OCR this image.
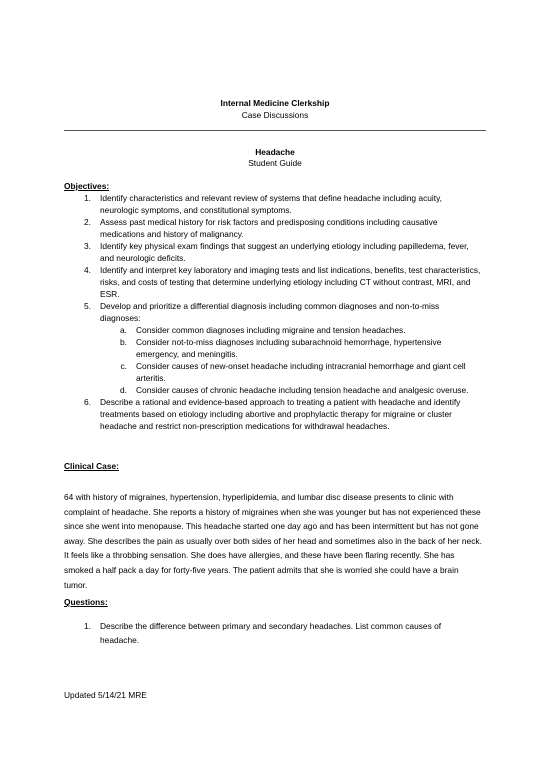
Internal Medicine Clerkship
Case Discussions
Headache
Student Guide
Objectives:
1. Identify characteristics and relevant review of systems that define headache including acuity, neurologic symptoms, and constitutional symptoms.
2. Assess past medical history for risk factors and predisposing conditions including causative medications and history of malignancy.
3. Identify key physical exam findings that suggest an underlying etiology including papilledema, fever, and neurologic deficits.
4. Identify and interpret key laboratory and imaging tests and list indications, benefits, test characteristics, risks, and costs of testing that determine underlying etiology including CT without contrast, MRI, and ESR.
5. Develop and prioritize a differential diagnosis including common diagnoses and non-to-miss diagnoses:
a. Consider common diagnoses including migraine and tension headaches.
b. Consider not-to-miss diagnoses including subarachnoid hemorrhage, hypertensive emergency, and meningitis.
c. Consider causes of new-onset headache including intracranial hemorrhage and giant cell arteritis.
d. Consider causes of chronic headache including tension headache and analgesic overuse.
6. Describe a rational and evidence-based approach to treating a patient with headache and identify treatments based on etiology including abortive and prophylactic therapy for migraine or cluster headache and restrict non-prescription medications for withdrawal headaches.
Clinical Case:
64 with history of migraines, hypertension, hyperlipidemia, and lumbar disc disease presents to clinic with complaint of headache. She reports a history of migraines when she was younger but has not experienced these since she went into menopause. This headache started one day ago and has been intermittent but has not gone away. She describes the pain as usually over both sides of her head and sometimes also in the back of her neck. It feels like a throbbing sensation. She does have allergies, and these have been flaring recently. She has smoked a half pack a day for forty-five years. The patient admits that she is worried she could have a brain tumor.
Questions:
1. Describe the difference between primary and secondary headaches. List common causes of headache.
Updated 5/14/21 MRE
